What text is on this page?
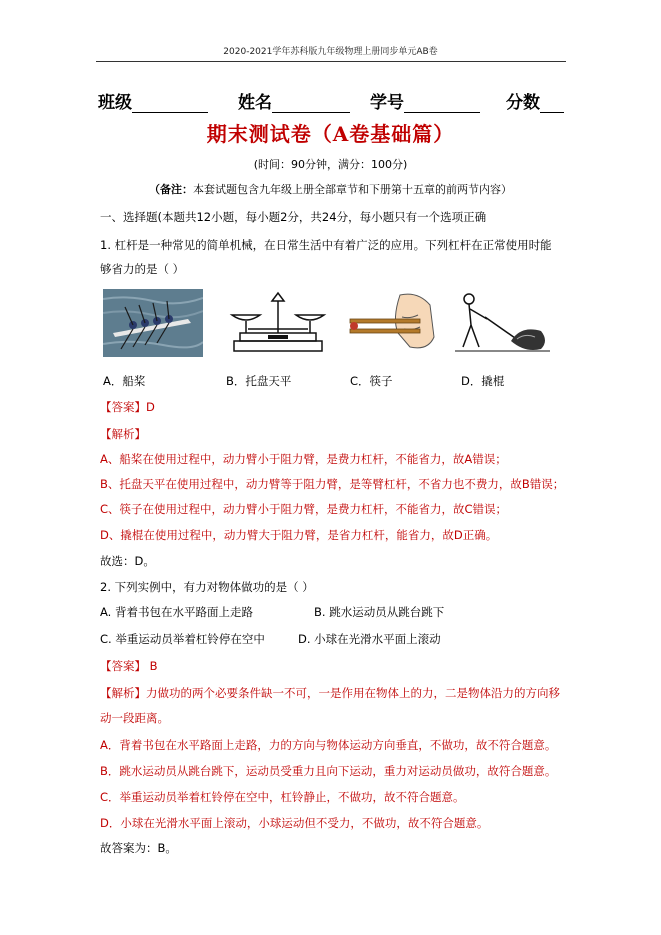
2020-2021学年苏科版九年级物理上册同步单元AB卷
班级	姓名	学号	分数
期末测试卷（A卷基础篇）
(时间：90分钟，满分：100分)
（备注：本套试题包含九年级上册全部章节和下册第十五章的前两节内容）
一、选择题(本题共12小题，每小题2分，共24分，每小题只有一个选项正确
1. 杠杆是一种常见的简单机械，在日常生活中有着广泛的应用。下列杠杆在正常使用时能
够省力的是（ ）
A．船桨	B．托盘天平	C．筷子	D．撬棍
【答案】D
【解析】
A、船桨在使用过程中，动力臂小于阻力臂，是费力杠杆，不能省力，故A错误；
B、托盘天平在使用过程中，动力臂等于阻力臂，是等臂杠杆，不省力也不费力，故B错误；
C、筷子在使用过程中，动力臂小于阻力臂，是费力杠杆，不能省力，故C错误；
D、撬棍在使用过程中，动力臂大于阻力臂，是省力杠杆，能省力，故D正确。
故选：D。
2. 下列实例中，有力对物体做功的是（ ）
A. 背着书包在水平路面上走路	B. 跳水运动员从跳台跳下
C. 举重运动员举着杠铃停在空中	D. 小球在光滑水平面上滚动
【答案】 B
【解析】力做功的两个必要条件缺一不可，一是作用在物体上的力，二是物体沿力的方向移
动一段距离。
A．背着书包在水平路面上走路，力的方向与物体运动方向垂直，不做功，故不符合题意。
B．跳水运动员从跳台跳下，运动员受重力且向下运动，重力对运动员做功，故符合题意。
C．举重运动员举着杠铃停在空中，杠铃静止，不做功，故不符合题意。
D．小球在光滑水平面上滚动，小球运动但不受力，不做功，故不符合题意。
故答案为：B。
